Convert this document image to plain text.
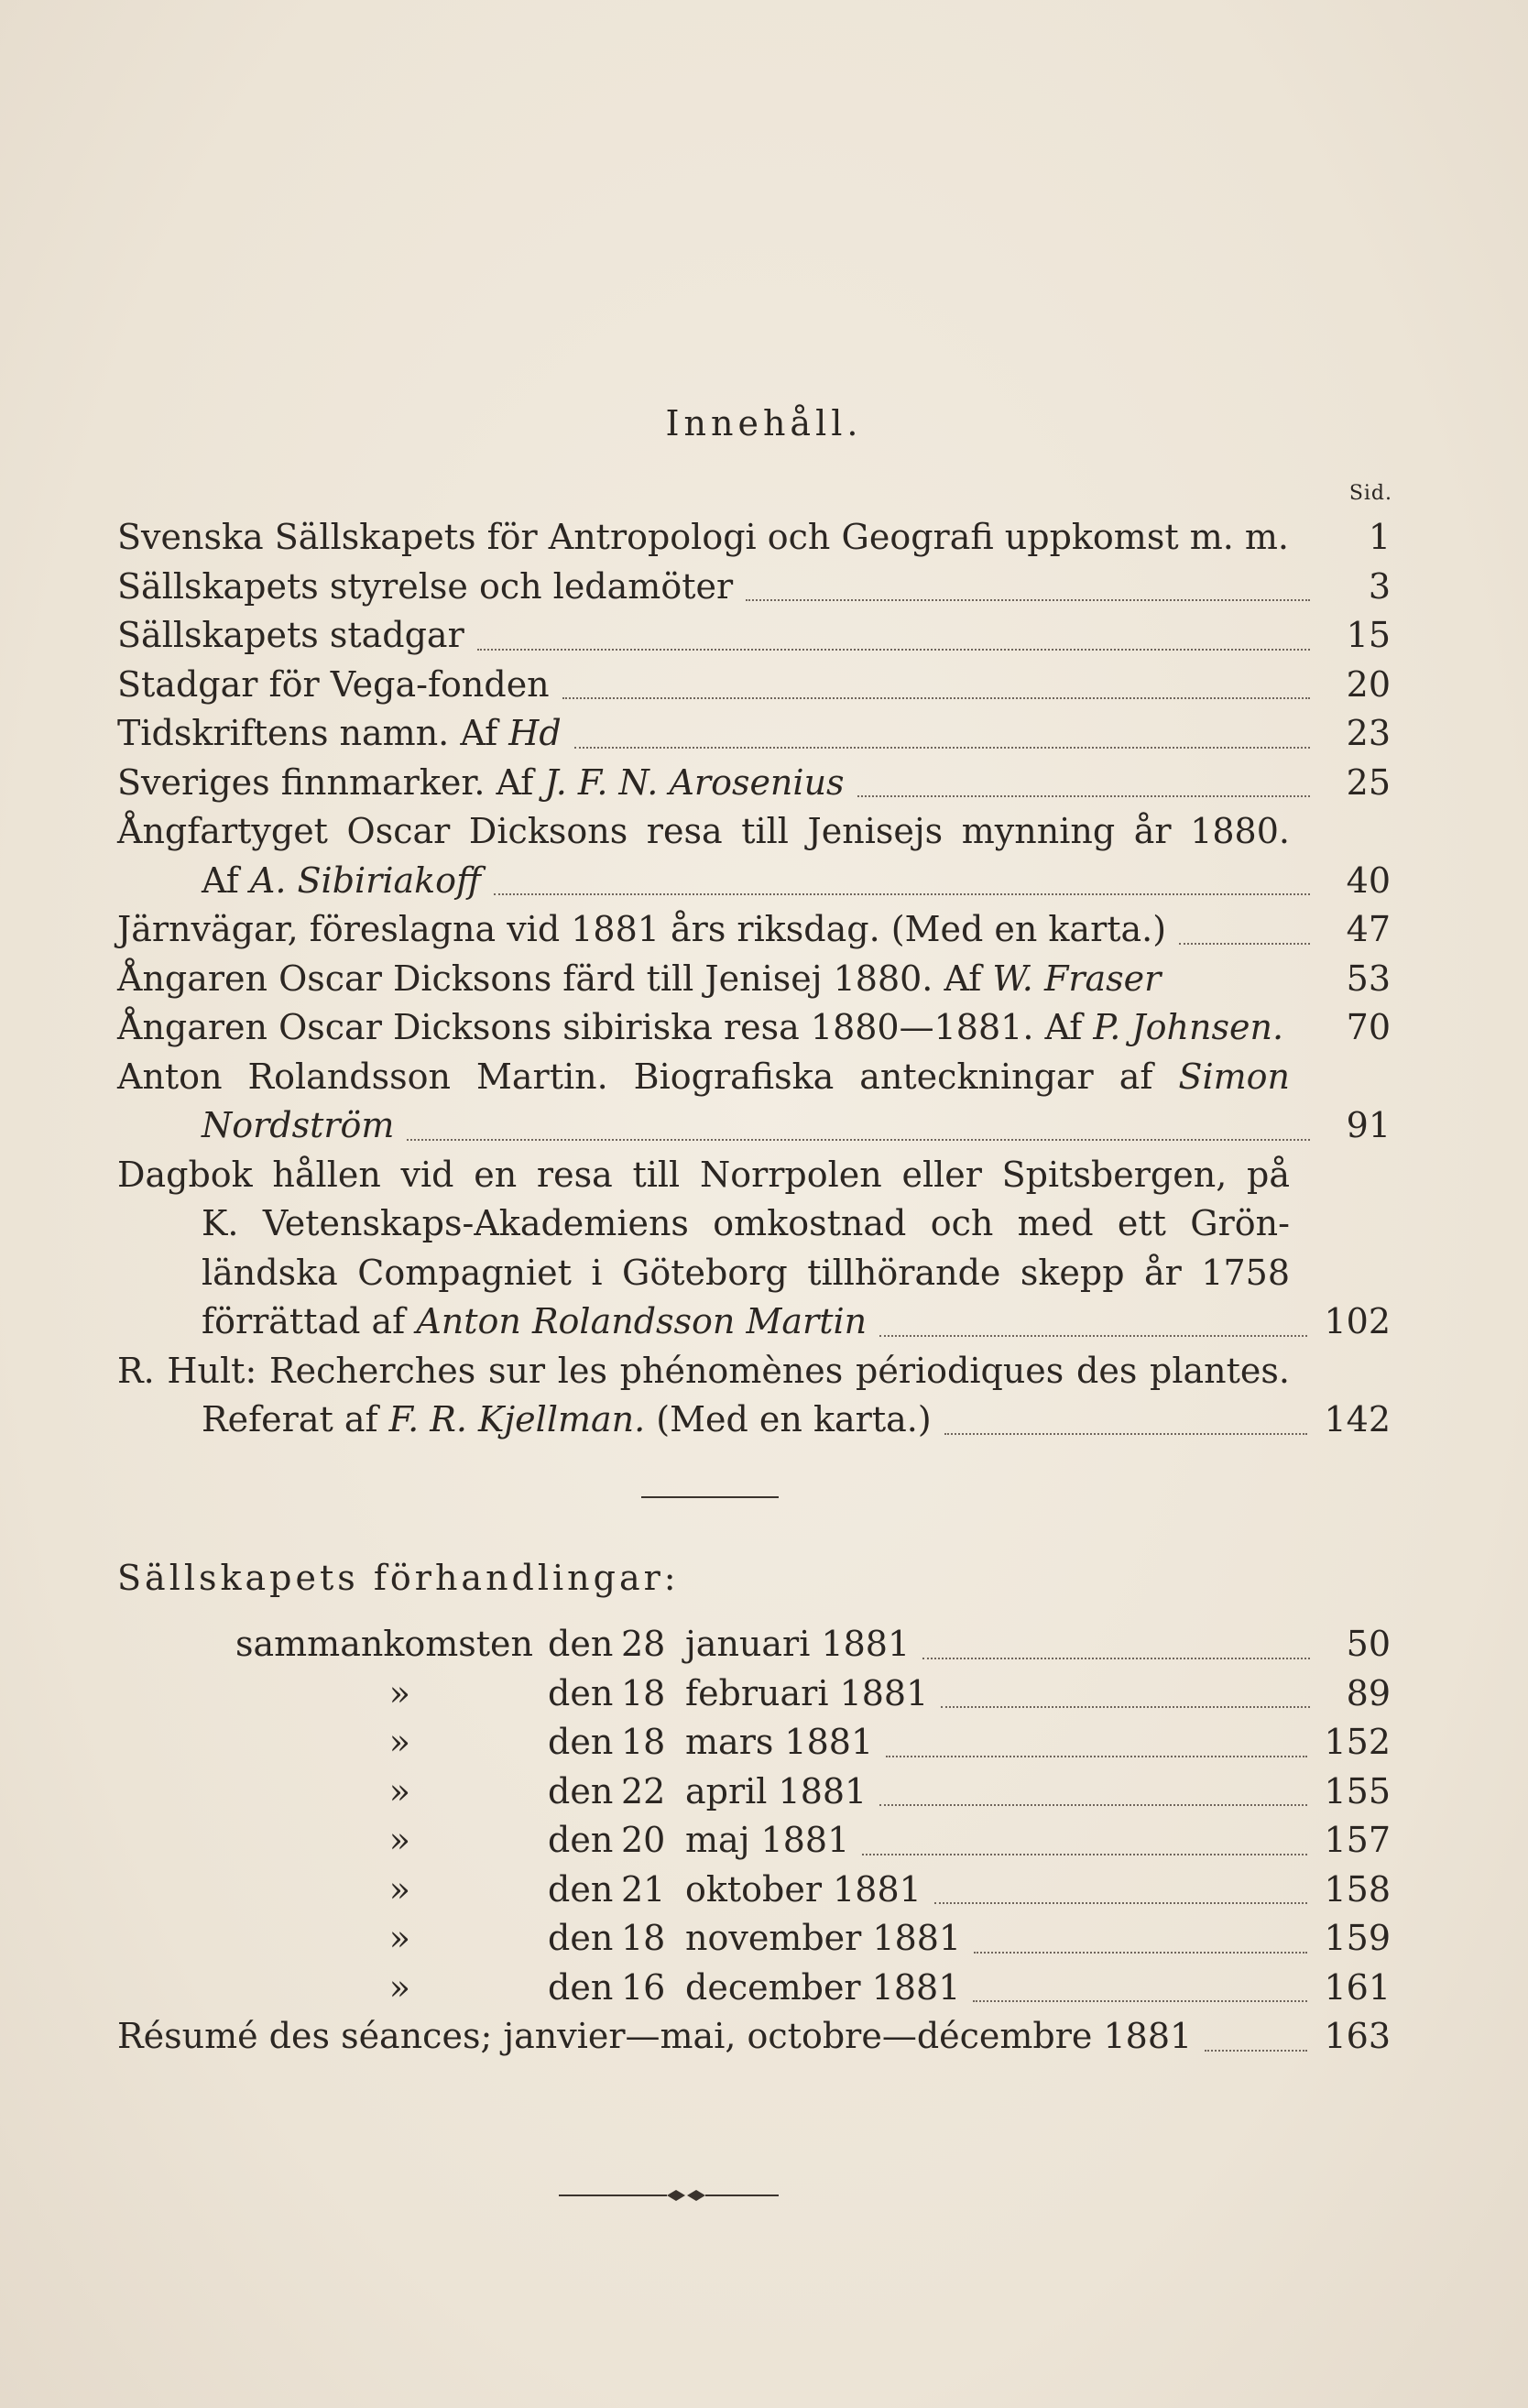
Innehåll.
Sid.
Svenska Sällskapets för Antropologi och Geografi uppkomst m. m.	1
Sällskapets styrelse och ledamöter	3
Sällskapets stadgar	15
Stadgar för Vega-fonden	20
Tidskriftens namn. Af Hd	23
Sveriges finnmarker. Af J. F. N. Arosenius	25
Ångfartyget Oscar Dicksons resa till Jenisejs mynning år 1880.
Af A. Sibiriakoff	40
Järnvägar, föreslagna vid 1881 års riksdag. (Med en karta.)	47
Ångaren Oscar Dicksons färd till Jenisej 1880. Af W. Fraser	53
Ångaren Oscar Dicksons sibiriska resa 1880—1881. Af P. Johnsen.	70
Anton Rolandsson Martin. Biografiska anteckningar af Simon
Nordström	91
Dagbok hållen vid en resa till Norrpolen eller Spitsbergen, på
K. Vetenskaps-Akademiens omkostnad och med ett Grön-
ländska Compagniet i Göteborg tillhörande skepp år 1758
förrättad af Anton Rolandsson Martin	102
R. Hult: Recherches sur les phénomènes périodiques des plantes.
Referat af F. R. Kjellman. (Med en karta.)	142
Sällskapets förhandlingar:
sammankomsten den 28 januari 1881	50
»	den 18 februari 1881	89
»	den 18 mars 1881	152
»	den 22 april 1881	155
»	den 20 maj 1881	157
»	den 21 oktober 1881	158
»	den 18 november 1881	159
»	den 16 december 1881	161
Résumé des séances; janvier—mai, octobre—décembre 1881	163
